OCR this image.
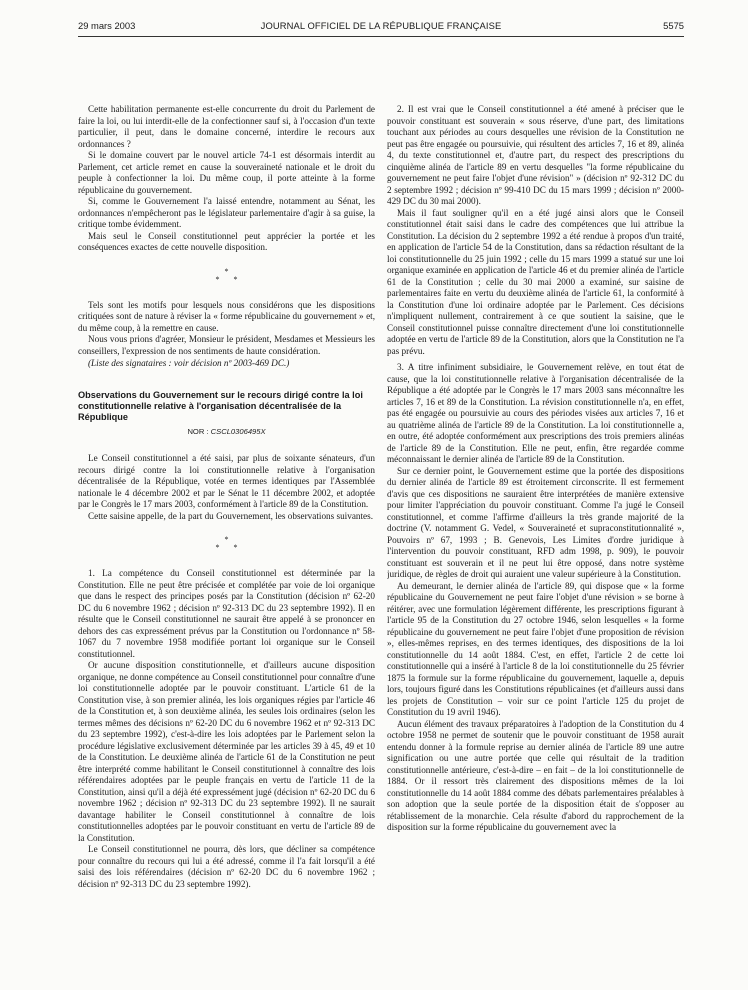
29 mars 2003	JOURNAL OFFICIEL DE LA RÉPUBLIQUE FRANÇAISE	5575

Cette habilitation permanente est-elle concurrente du droit du Parlement de faire la loi, ou lui interdit-elle de la confectionner sauf si, à l'occasion d'un texte particulier, il peut, dans le domaine concerné, interdire le recours aux ordonnances ?

Si le domaine couvert par le nouvel article 74-1 est désormais interdit au Parlement, cet article remet en cause la souveraineté nationale et le droit du peuple à confectionner la loi. Du même coup, il porte atteinte à la forme républicaine du gouvernement.

Si, comme le Gouvernement l'a laissé entendre, notamment au Sénat, les ordonnances n'empêcheront pas le législateur parlementaire d'agir à sa guise, la critique tombe évidemment.

Mais seul le Conseil constitutionnel peut apprécier la portée et les conséquences exactes de cette nouvelle disposition.

*
**

Tels sont les motifs pour lesquels nous considérons que les dispositions critiquées sont de nature à réviser la « forme républicaine du gouvernement » et, du même coup, à la remettre en cause.

Nous vous prions d'agréer, Monsieur le président, Mesdames et Messieurs les conseillers, l'expression de nos sentiments de haute considération.

(Liste des signataires : voir décision nº 2003-469 DC.)

Observations du Gouvernement sur le recours dirigé contre la loi constitutionnelle relative à l'organisation décentralisée de la République

NOR : CSCL0306495X

Le Conseil constitutionnel a été saisi, par plus de soixante sénateurs, d'un recours dirigé contre la loi constitutionnelle relative à l'organisation décentralisée de la République, votée en termes identiques par l'Assemblée nationale le 4 décembre 2002 et par le Sénat le 11 décembre 2002, et adoptée par le Congrès le 17 mars 2003, conformément à l'article 89 de la Constitution.

Cette saisine appelle, de la part du Gouvernement, les observations suivantes.

*
**

1. La compétence du Conseil constitutionnel est déterminée par la Constitution. Elle ne peut être précisée et complétée par voie de loi organique que dans le respect des principes posés par la Constitution (décision nº 62-20 DC du 6 novembre 1962 ; décision nº 92-313 DC du 23 septembre 1992). Il en résulte que le Conseil constitutionnel ne saurait être appelé à se prononcer en dehors des cas expressément prévus par la Constitution ou l'ordonnance nº 58-1067 du 7 novembre 1958 modifiée portant loi organique sur le Conseil constitutionnel.

Or aucune disposition constitutionnelle, et d'ailleurs aucune disposition organique, ne donne compétence au Conseil constitutionnel pour connaître d'une loi constitutionnelle adoptée par le pouvoir constituant. L'article 61 de la Constitution vise, à son premier alinéa, les lois organiques régies par l'article 46 de la Constitution et, à son deuxième alinéa, les seules lois ordinaires (selon les termes mêmes des décisions nº 62-20 DC du 6 novembre 1962 et nº 92-313 DC du 23 septembre 1992), c'est-à-dire les lois adoptées par le Parlement selon la procédure législative exclusivement déterminée par les articles 39 à 45, 49 et 10 de la Constitution. Le deuxième alinéa de l'article 61 de la Constitution ne peut être interprété comme habilitant le Conseil constitutionnel à connaître des lois référendaires adoptées par le peuple français en vertu de l'article 11 de la Constitution, ainsi qu'il a déjà été expressément jugé (décision nº 62-20 DC du 6 novembre 1962 ; décision nº 92-313 DC du 23 septembre 1992). Il ne saurait davantage habiliter le Conseil constitutionnel à connaître de lois constitutionnelles adoptées par le pouvoir constituant en vertu de l'article 89 de la Constitution.

Le Conseil constitutionnel ne pourra, dès lors, que décliner sa compétence pour connaître du recours qui lui a été adressé, comme il l'a fait lorsqu'il a été saisi des lois référendaires (décision nº 62-20 DC du 6 novembre 1962 ; décision nº 92-313 DC du 23 septembre 1992).

2. Il est vrai que le Conseil constitutionnel a été amené à préciser que le pouvoir constituant est souverain « sous réserve, d'une part, des limitations touchant aux périodes au cours desquelles une révision de la Constitution ne peut pas être engagée ou poursuivie, qui résultent des articles 7, 16 et 89, alinéa 4, du texte constitutionnel et, d'autre part, du respect des prescriptions du cinquième alinéa de l'article 89 en vertu desquelles "la forme républicaine du gouvernement ne peut faire l'objet d'une révision" » (décision nº 92-312 DC du 2 septembre 1992 ; décision nº 99-410 DC du 15 mars 1999 ; décision nº 2000-429 DC du 30 mai 2000).

Mais il faut souligner qu'il en a été jugé ainsi alors que le Conseil constitutionnel était saisi dans le cadre des compétences que lui attribue la Constitution. La décision du 2 septembre 1992 a été rendue à propos d'un traité, en application de l'article 54 de la Constitution, dans sa rédaction résultant de la loi constitutionnelle du 25 juin 1992 ; celle du 15 mars 1999 a statué sur une loi organique examinée en application de l'article 46 et du premier alinéa de l'article 61 de la Constitution ; celle du 30 mai 2000 a examiné, sur saisine de parlementaires faite en vertu du deuxième alinéa de l'article 61, la conformité à la Constitution d'une loi ordinaire adoptée par le Parlement. Ces décisions n'impliquent nullement, contrairement à ce que soutient la saisine, que le Conseil constitutionnel puisse connaître directement d'une loi constitutionnelle adoptée en vertu de l'article 89 de la Constitution, alors que la Constitution ne l'a pas prévu.

3. A titre infiniment subsidiaire, le Gouvernement relève, en tout état de cause, que la loi constitutionnelle relative à l'organisation décentralisée de la République a été adoptée par le Congrès le 17 mars 2003 sans méconnaître les articles 7, 16 et 89 de la Constitution. La révision constitutionnelle n'a, en effet, pas été engagée ou poursuivie au cours des périodes visées aux articles 7, 16 et au quatrième alinéa de l'article 89 de la Constitution. La loi constitutionnelle a, en outre, été adoptée conformément aux prescriptions des trois premiers alinéas de l'article 89 de la Constitution. Elle ne peut, enfin, être regardée comme méconnaissant le dernier alinéa de l'article 89 de la Constitution.

Sur ce dernier point, le Gouvernement estime que la portée des dispositions du dernier alinéa de l'article 89 est étroitement circonscrite. Il est fermement d'avis que ces dispositions ne sauraient être interprétées de manière extensive pour limiter l'appréciation du pouvoir constituant. Comme l'a jugé le Conseil constitutionnel, et comme l'affirme d'ailleurs la très grande majorité de la doctrine (V. notamment G. Vedel, « Souveraineté et supraconstitutionnalité », Pouvoirs nº 67, 1993 ; B. Genevois, Les Limites d'ordre juridique à l'intervention du pouvoir constituant, RFD adm 1998, p. 909), le pouvoir constituant est souverain et il ne peut lui être opposé, dans notre système juridique, de règles de droit qui auraient une valeur supérieure à la Constitution.

Au demeurant, le dernier alinéa de l'article 89, qui dispose que « la forme républicaine du Gouvernement ne peut faire l'objet d'une révision » se borne à réitérer, avec une formulation légèrement différente, les prescriptions figurant à l'article 95 de la Constitution du 27 octobre 1946, selon lesquelles « la forme républicaine du gouvernement ne peut faire l'objet d'une proposition de révision », elles-mêmes reprises, en des termes identiques, des dispositions de la loi constitutionnelle du 14 août 1884. C'est, en effet, l'article 2 de cette loi constitutionnelle qui a inséré à l'article 8 de la loi constitutionnelle du 25 février 1875 la formule sur la forme républicaine du gouvernement, laquelle a, depuis lors, toujours figuré dans les Constitutions républicaines (et d'ailleurs aussi dans les projets de Constitution – voir sur ce point l'article 125 du projet de Constitution du 19 avril 1946).

Aucun élément des travaux préparatoires à l'adoption de la Constitution du 4 octobre 1958 ne permet de soutenir que le pouvoir constituant de 1958 aurait entendu donner à la formule reprise au dernier alinéa de l'article 89 une autre signification ou une autre portée que celle qui résultait de la tradition constitutionnelle antérieure, c'est-à-dire – en fait – de la loi constitutionnelle de 1884. Or il ressort très clairement des dispositions mêmes de la loi constitutionnelle du 14 août 1884 comme des débats parlementaires préalables à son adoption que la seule portée de la disposition était de s'opposer au rétablissement de la monarchie. Cela résulte d'abord du rapprochement de la disposition sur la forme républicaine du gouvernement avec la
